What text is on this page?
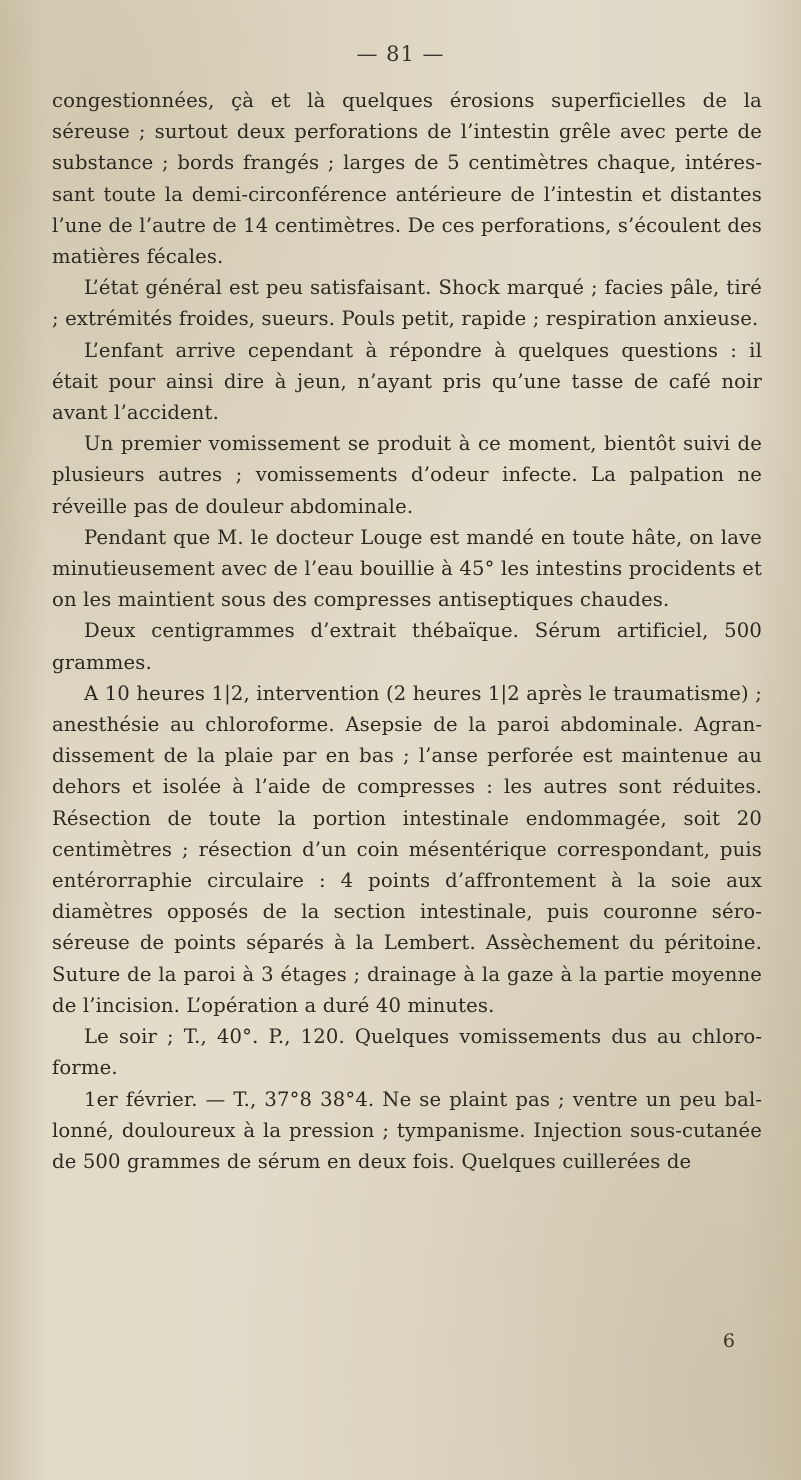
— 81 —

congestionnées, çà et là quelques érosions superficielles de la séreuse ; surtout deux perforations de l’intestin grêle avec perte de substance ; bords frangés ; larges de 5 centimètres chaque, intéressant toute la demi-circonférence antérieure de l’intestin et distantes l’une de l’autre de 14 centimètres. De ces perforations, s’écoulent des matières fécales.

L’état général est peu satisfaisant. Shock marqué ; facies pâle, tiré ; extrémités froides, sueurs. Pouls petit, rapide ; respiration anxieuse.

L’enfant arrive cependant à répondre à quelques questions : il était pour ainsi dire à jeun, n’ayant pris qu’une tasse de café noir avant l’accident.

Un premier vomissement se produit à ce moment, bientôt suivi de plusieurs autres ; vomissements d’odeur infecte. La palpation ne réveille pas de douleur abdominale.

Pendant que M. le docteur Louge est mandé en toute hâte, on lave minutieusement avec de l’eau bouillie à 45° les intestins procidents et on les maintient sous des compresses antiseptiques chaudes.

Deux centigrammes d’extrait thébaïque. Sérum artificiel, 500 grammes.

A 10 heures 1|2, intervention (2 heures 1|2 après le traumatisme) ; anesthésie au chloroforme. Asepsie de la paroi abdominale. Agrandissement de la plaie par en bas ; l’anse perforée est maintenue au dehors et isolée à l’aide de compresses : les autres sont réduites. Résection de toute la portion intestinale endommagée, soit 20 centimètres ; résection d’un coin mésentérique correspondant, puis entérorraphie circulaire : 4 points d’affrontement à la soie aux diamètres opposés de la section intestinale, puis couronne séro-séreuse de points séparés à la Lembert. Assèchement du péritoine. Suture de la paroi à 3 étages ; drainage à la gaze à la partie moyenne de l’incision. L’opération a duré 40 minutes.

Le soir ; T., 40°. P., 120. Quelques vomissements dus au chloroforme.

1er février. — T., 37°8 38°4. Ne se plaint pas ; ventre un peu ballonné, douloureux à la pression ; tympanisme. Injection sous-cutanée de 500 grammes de sérum en deux fois. Quelques cuillerées de

6
